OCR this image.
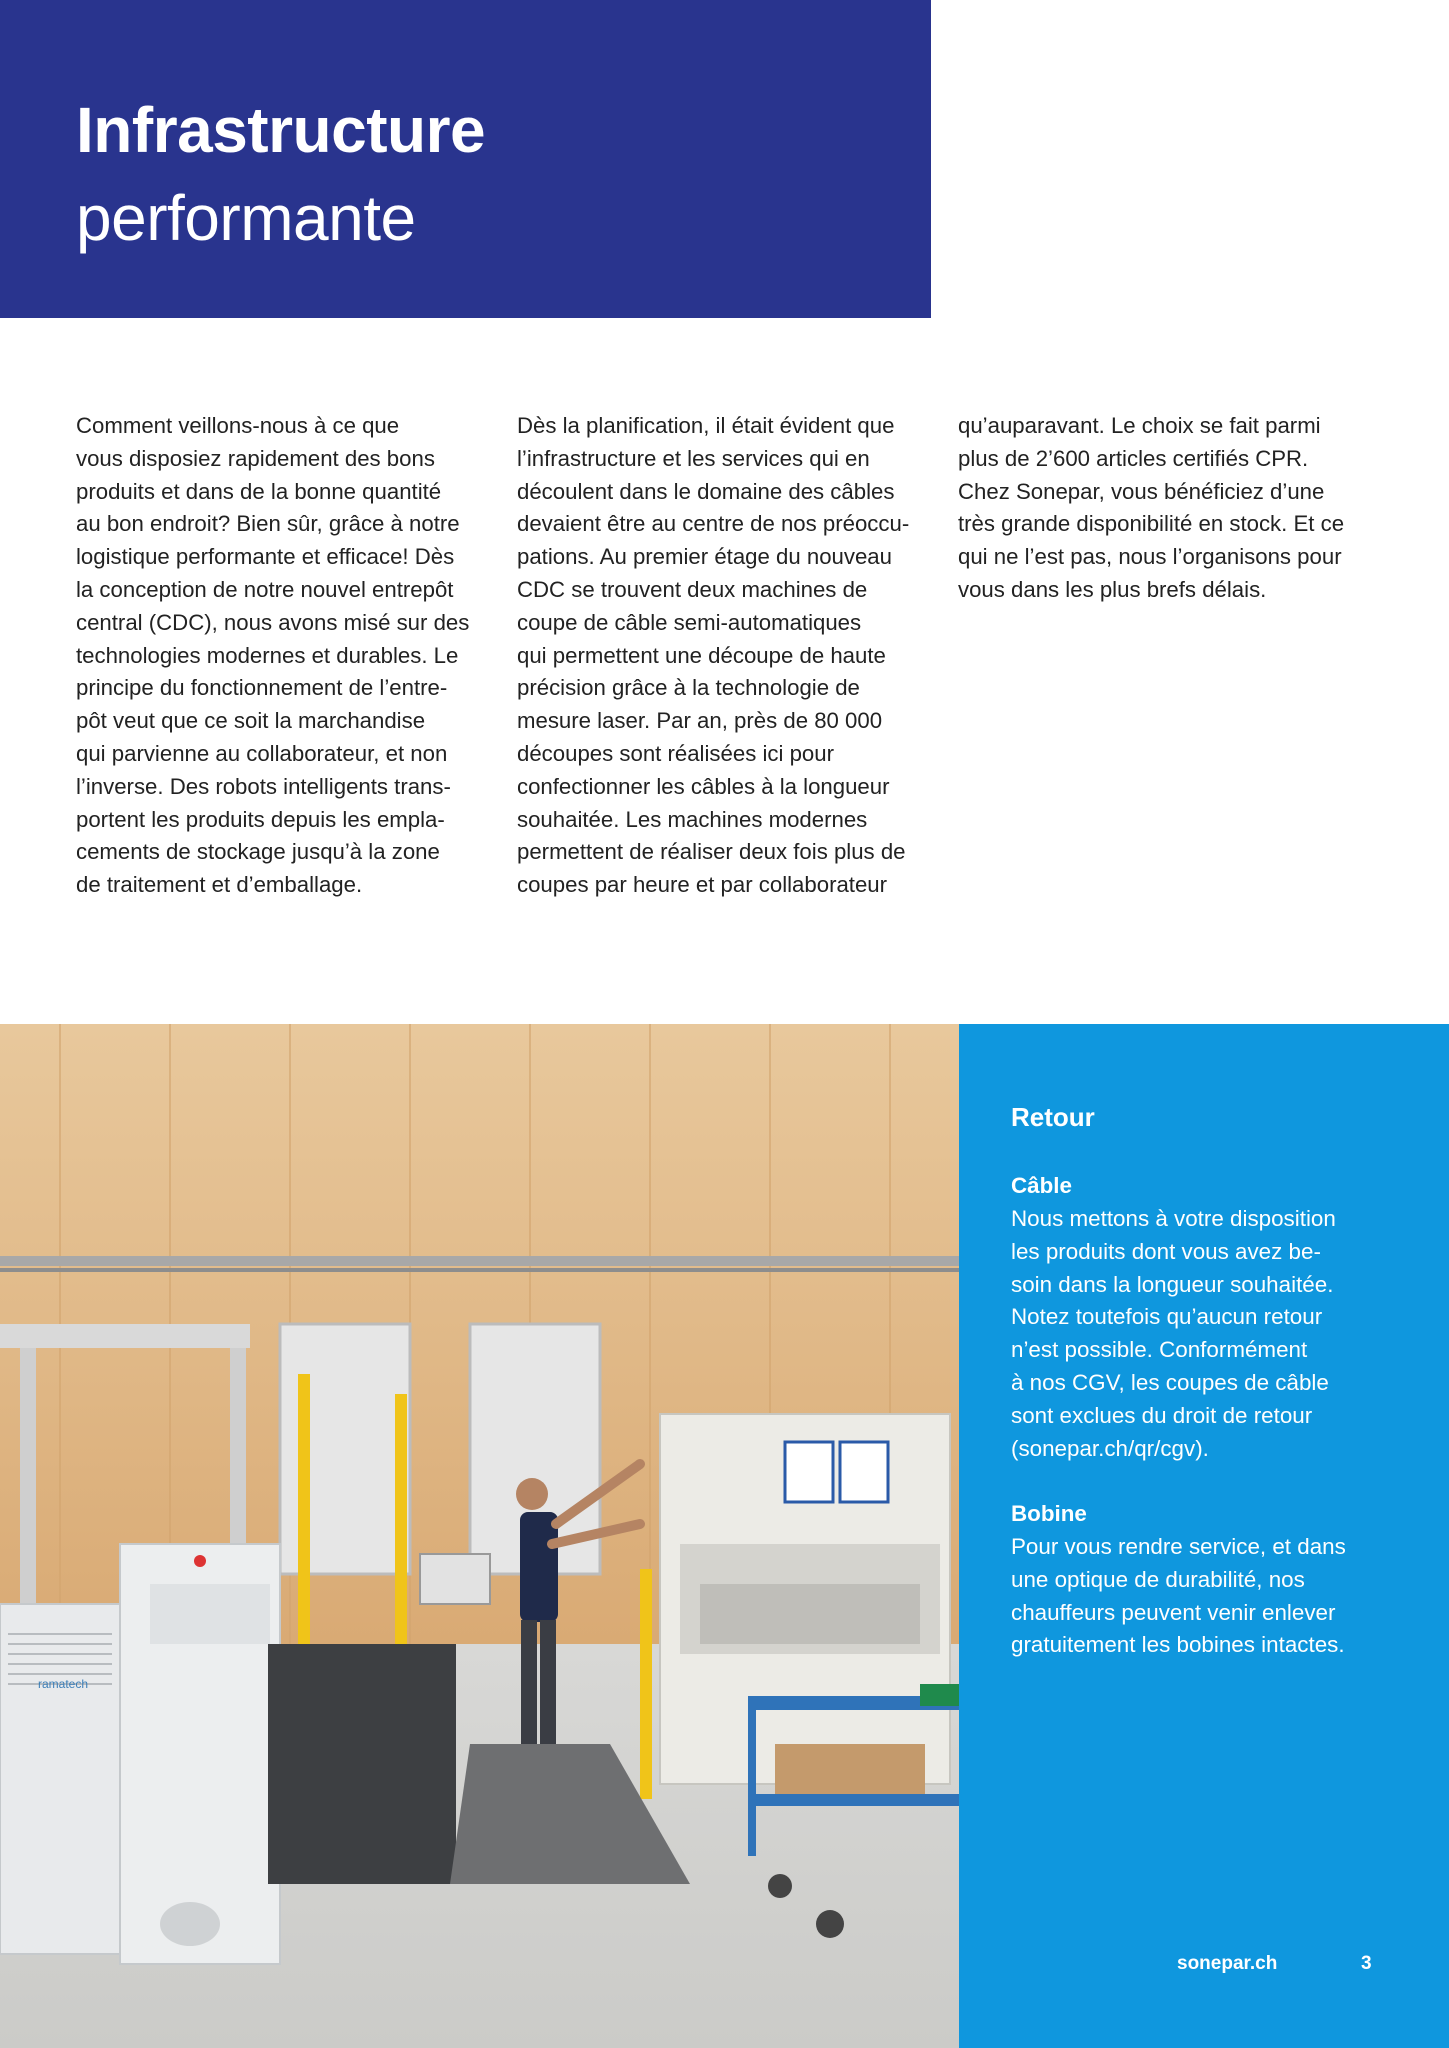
Infrastructure
performante

Comment veillons-nous à ce que

vous disposiez rapidement des bons

produits et dans de la bonne quantité

au bon endroit? Bien sûr, grâce à notre

logistique performante et efficace! Dès

la conception de notre nouvel entrepôt

central (CDC), nous avons misé sur des

technologies modernes et durables. Le

principe du fonctionnement de l’entre-

pôt veut que ce soit la marchandise

qui parvienne au collaborateur, et non

l’inverse. Des robots intelligents trans-

portent les produits depuis les empla-

cements de stockage jusqu’à la zone

de traitement et d’emballage.

Dès la planification, il était évident que

l’infrastructure et les services qui en

découlent dans le domaine des câbles

devaient être au centre de nos préoccu-

pations. Au premier étage du nouveau

CDC se trouvent deux machines de

coupe de câble semi-automatiques

qui permettent une découpe de haute

précision grâce à la technologie de

mesure laser. Par an, près de 80 000

découpes sont réalisées ici pour

confectionner les câbles à la longueur

souhaitée. Les machines modernes

permettent de réaliser deux fois plus de

coupes par heure et par collaborateur

qu’auparavant. Le choix se fait parmi

plus de 2’600 articles certifiés CPR.

Chez Sonepar, vous bénéficiez d’une

très grande disponibilité en stock. Et ce

qui ne l’est pas, nous l’organisons pour

vous dans les plus brefs délais.

ramatech
Retour
Câble

Nous mettons à votre disposition

les produits dont vous avez be-

soin dans la longueur souhaitée.

Notez toutefois qu’aucun retour

n’est possible. Conformément

à nos CGV, les coupes de câble

sont exclues du droit de retour

(sonepar.ch/qr/cgv).

Bobine

Pour vous rendre service, et dans

une optique de durabilité, nos

chauffeurs peuvent venir enlever

gratuitement les bobines intactes.

sonepar.ch	3
